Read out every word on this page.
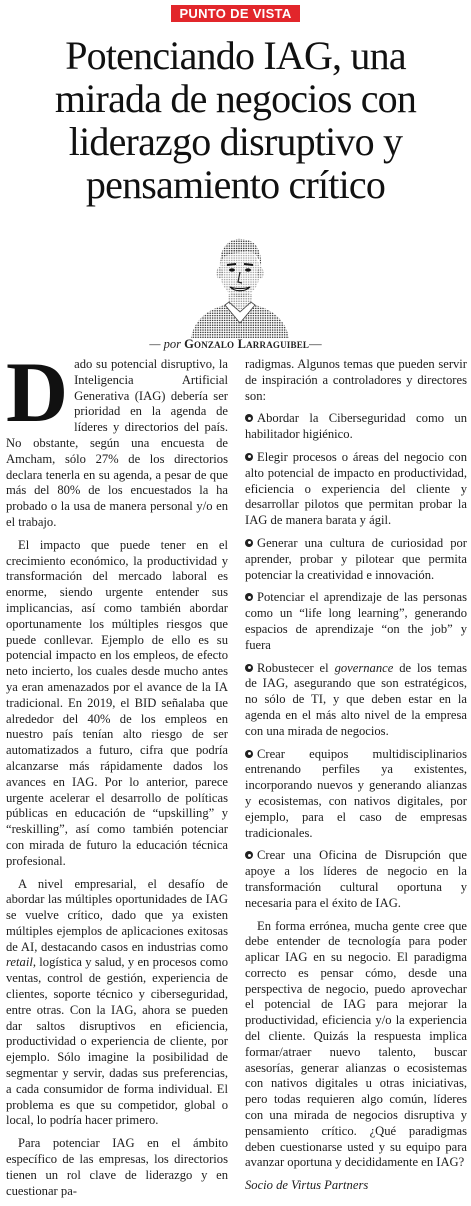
PUNTO DE VISTA
Potenciando IAG, una mirada de negocios con liderazgo disruptivo y pensamiento crítico
— por Gonzalo Larraguibel—

Dado su potencial disruptivo, la Inteligencia Artificial Generativa (IAG) debería ser prioridad en la agenda de líderes y directorios del país. No obstante, según una encuesta de Amcham, sólo 27% de los directorios declara tenerla en su agenda, a pesar de que más del 80% de los encuestados la ha probado o la usa de manera personal y/o en el trabajo.

El impacto que puede tener en el crecimiento económico, la productividad y transformación del mercado laboral es enorme, siendo urgente entender sus implicancias, así como también abordar oportunamente los múltiples riesgos que puede conllevar. Ejemplo de ello es su potencial impacto en los empleos, de efecto neto incierto, los cuales desde mucho antes ya eran amenazados por el avance de la IA tradicional. En 2019, el BID señalaba que alrededor del 40% de los empleos en nuestro país tenían alto riesgo de ser automatizados a futuro, cifra que podría alcanzarse más rápidamente dados los avances en IAG. Por lo anterior, parece urgente acelerar el desarrollo de políticas públicas en educación de “upskilling” y “reskilling”, así como también potenciar con mirada de futuro la educación técnica profesional.

A nivel empresarial, el desafío de abordar las múltiples oportunidades de IAG se vuelve crítico, dado que ya existen múltiples ejemplos de aplicaciones exitosas de AI, destacando casos en industrias como retail, logística y salud, y en procesos como ventas, control de gestión, experiencia de clientes, soporte técnico y ciberseguridad, entre otras. Con la IAG, ahora se pueden dar saltos disruptivos en eficiencia, productividad o experiencia de cliente, por ejemplo. Sólo imagine la posibilidad de segmentar y servir, dadas sus preferencias, a cada consumidor de forma individual. El problema es que su competidor, global o local, lo podría hacer primero.

Para potenciar IAG en el ámbito específico de las empresas, los directorios tienen un rol clave de liderazgo y en cuestionar pa-

radigmas. Algunos temas que pueden servir de inspiración a controladores y directores son:

Abordar la Ciberseguridad como un habilitador higiénico.

Elegir procesos o áreas del negocio con alto potencial de impacto en productividad, eficiencia o experiencia del cliente y desarrollar pilotos que permitan probar la IAG de manera barata y ágil.

Generar una cultura de curiosidad por aprender, probar y pilotear que permita potenciar la creatividad e innovación.

Potenciar el aprendizaje de las personas como un “life long learning”, generando espacios de aprendizaje “on the job” y fuera

Robustecer el governance de los temas de IAG, asegurando que son estratégicos, no sólo de TI, y que deben estar en la agenda en el más alto nivel de la empresa con una mirada de negocios.

Crear equipos multidisciplinarios entrenando perfiles ya existentes, incorporando nuevos y generando alianzas y ecosistemas, con nativos digitales, por ejemplo, para el caso de empresas tradicionales.

Crear una Oficina de Disrupción que apoye a los líderes de negocio en la transformación cultural oportuna y necesaria para el éxito de IAG.

En forma errónea, mucha gente cree que debe entender de tecnología para poder aplicar IAG en su negocio. El paradigma correcto es pensar cómo, desde una perspectiva de negocio, puedo aprovechar el potencial de IAG para mejorar la productividad, eficiencia y/o la experiencia del cliente. Quizás la respuesta implica formar/atraer nuevo talento, buscar asesorías, generar alianzas o ecosistemas con nativos digitales u otras iniciativas, pero todas requieren algo común, líderes con una mirada de negocios disruptiva y pensamiento crítico. ¿Qué paradigmas deben cuestionarse usted y su equipo para avanzar oportuna y decididamente en IAG?

Socio de Virtus Partners
